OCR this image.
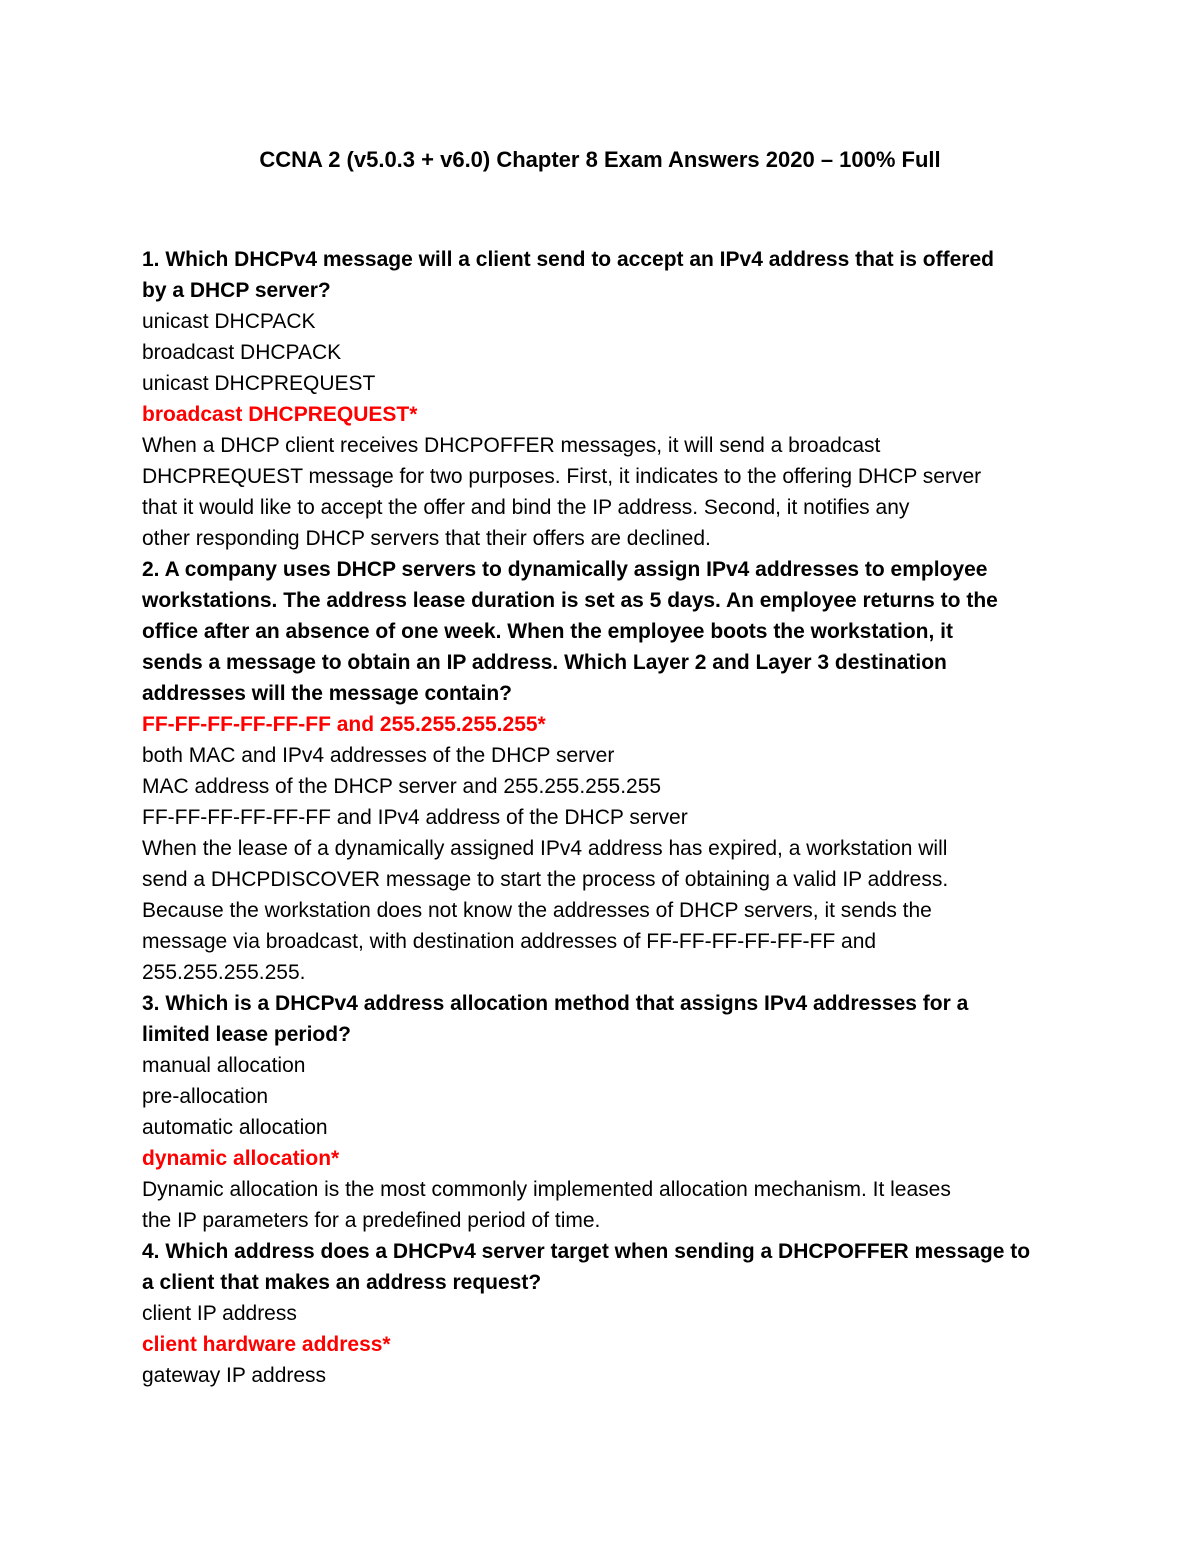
CCNA 2 (v5.0.3 + v6.0) Chapter 8 Exam Answers 2020 – 100% Full
1. Which DHCPv4 message will a client send to accept an IPv4 address that is offered
by a DHCP server?
unicast DHCPACK
broadcast DHCPACK
unicast DHCPREQUEST
broadcast DHCPREQUEST*
When a DHCP client receives DHCPOFFER messages, it will send a broadcast
DHCPREQUEST message for two purposes. First, it indicates to the offering DHCP server
that it would like to accept the offer and bind the IP address. Second, it notifies any
other responding DHCP servers that their offers are declined.
2. A company uses DHCP servers to dynamically assign IPv4 addresses to employee
workstations. The address lease duration is set as 5 days. An employee returns to the
office after an absence of one week. When the employee boots the workstation, it
sends a message to obtain an IP address. Which Layer 2 and Layer 3 destination
addresses will the message contain?
FF-FF-FF-FF-FF-FF and 255.255.255.255*
both MAC and IPv4 addresses of the DHCP server
MAC address of the DHCP server and 255.255.255.255
FF-FF-FF-FF-FF-FF and IPv4 address of the DHCP server
When the lease of a dynamically assigned IPv4 address has expired, a workstation will
send a DHCPDISCOVER message to start the process of obtaining a valid IP address.
Because the workstation does not know the addresses of DHCP servers, it sends the
message via broadcast, with destination addresses of FF-FF-FF-FF-FF-FF and
255.255.255.255.
3. Which is a DHCPv4 address allocation method that assigns IPv4 addresses for a
limited lease period?
manual allocation
pre-allocation
automatic allocation
dynamic allocation*
Dynamic allocation is the most commonly implemented allocation mechanism. It leases
the IP parameters for a predefined period of time.
4. Which address does a DHCPv4 server target when sending a DHCPOFFER message to
a client that makes an address request?
client IP address
client hardware address*
gateway IP address
